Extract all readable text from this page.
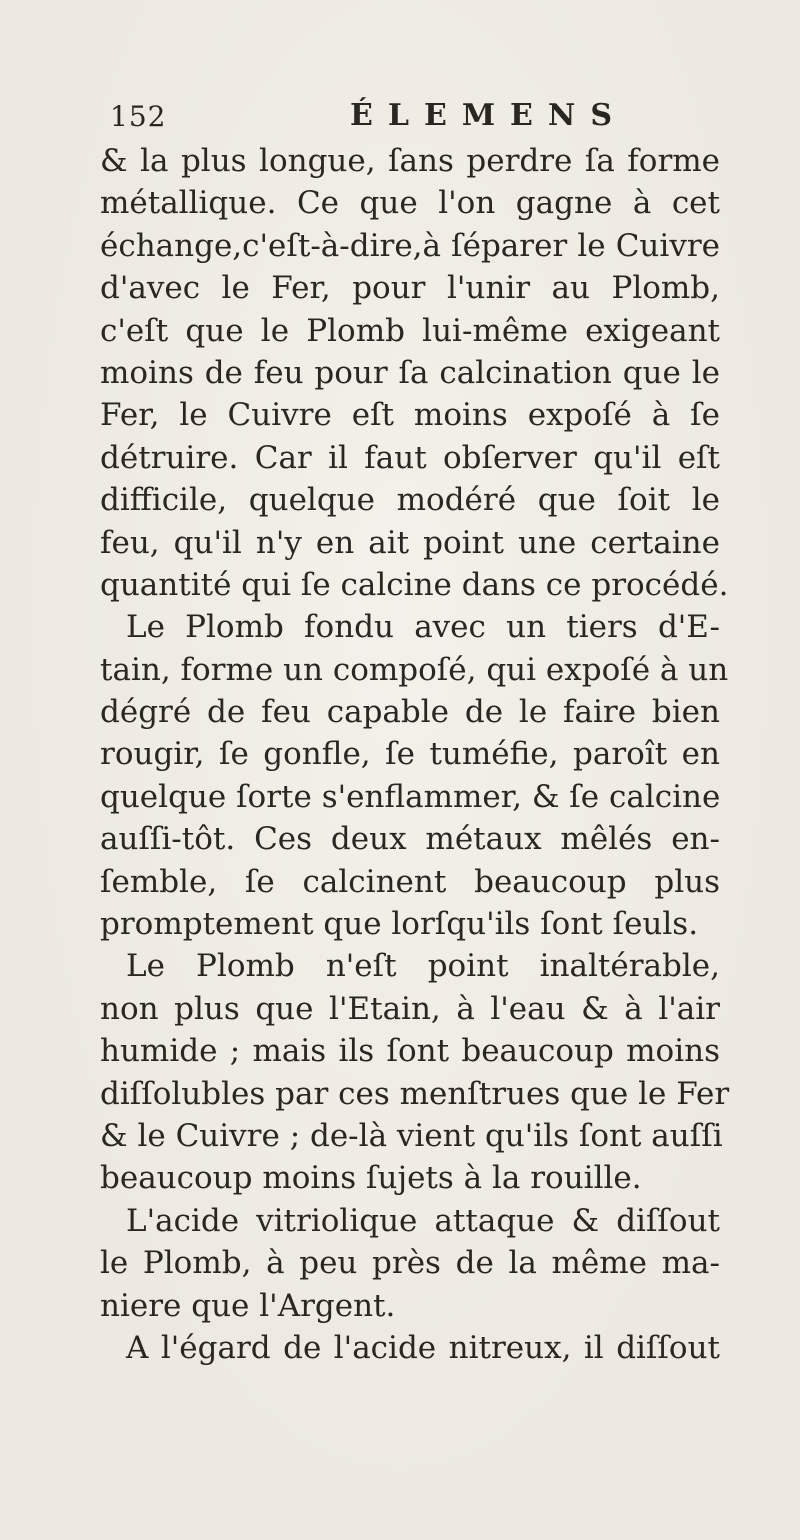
152	ÉLEMENS
& la plus longue, ſans perdre ſa forme
métallique. Ce que l'on gagne à cet
échange,c'eſt-à-dire,à ſéparer le Cuivre
d'avec le Fer, pour l'unir au Plomb,
c'eſt que le Plomb lui-même exigeant
moins de feu pour ſa calcination que le
Fer, le Cuivre eſt moins expoſé à ſe
détruire. Car il faut obſerver qu'il eſt
difficile, quelque modéré que ſoit le
feu, qu'il n'y en ait point une certaine
quantité qui ſe calcine dans ce procédé.
Le Plomb fondu avec un tiers d'E-
tain, forme un compoſé, qui expoſé à un
dégré de feu capable de le faire bien
rougir, ſe gonfle, ſe tuméfie, paroît en
quelque ſorte s'enflammer, & ſe calcine
auſſi-tôt. Ces deux métaux mêlés en-
ſemble, ſe calcinent beaucoup plus
promptement que lorſqu'ils ſont ſeuls.
Le Plomb n'eſt point inaltérable,
non plus que l'Etain, à l'eau & à l'air
humide ; mais ils ſont beaucoup moins
diſſolubles par ces menſtrues que le Fer
& le Cuivre ; de-là vient qu'ils ſont auſſi
beaucoup moins ſujets à la rouille.
L'acide vitriolique attaque & diſſout
le Plomb, à peu près de la même ma-
niere que l'Argent.
A l'égard de l'acide nitreux, il diſſout
